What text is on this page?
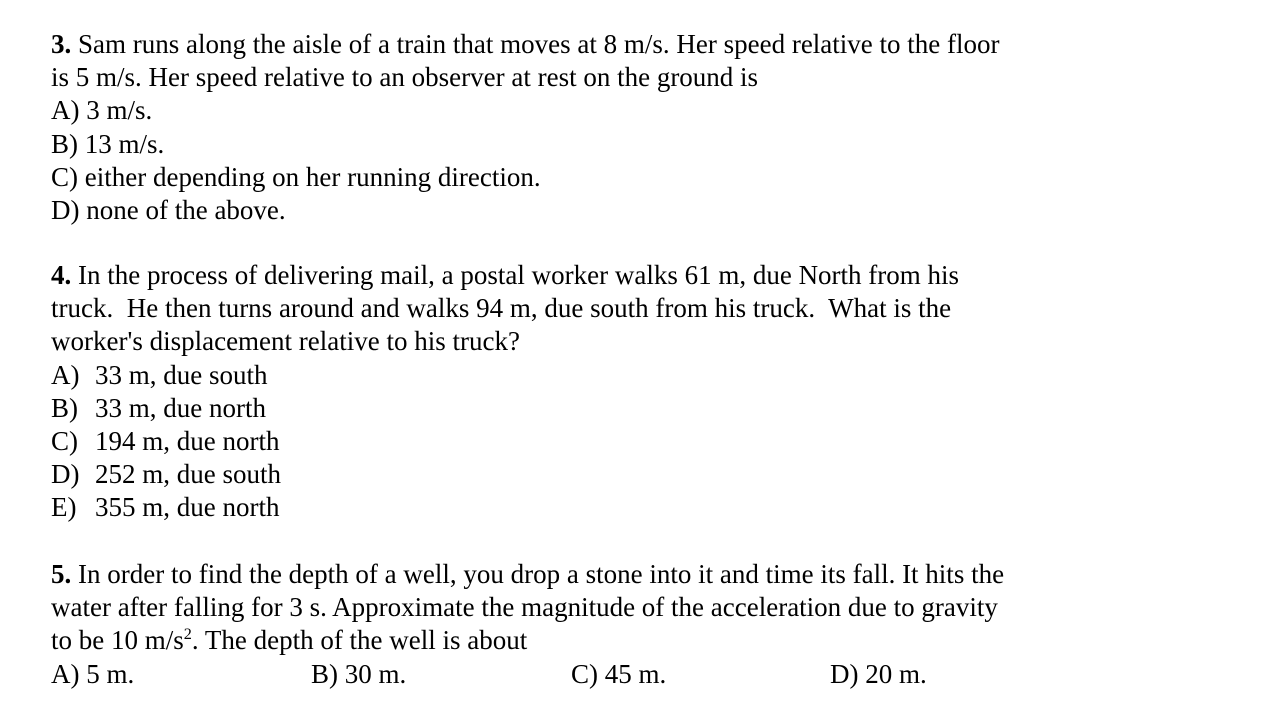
3. Sam runs along the aisle of a train that moves at 8 m/s. Her speed relative to the floor
is 5 m/s. Her speed relative to an observer at rest on the ground is

A) 3 m/s.
B) 13 m/s.
C) either depending on her running direction.
D) none of the above.

4. In the process of delivering mail, a postal worker walks 61 m, due North from his
truck.  He then turns around and walks 94 m, due south from his truck.  What is the
worker's displacement relative to his truck?

A) 33 m, due south
B) 33 m, due north
C) 194 m, due north
D) 252 m, due south
E) 355 m, due north

5. In order to find the depth of a well, you drop a stone into it and time its fall. It hits the
water after falling for 3 s. Approximate the magnitude of the acceleration due to gravity
to be 10 $m/s^2$. The depth of the well is about

A) 5 m.	B) 30 m.	C) 45 m.	D) 20 m.
